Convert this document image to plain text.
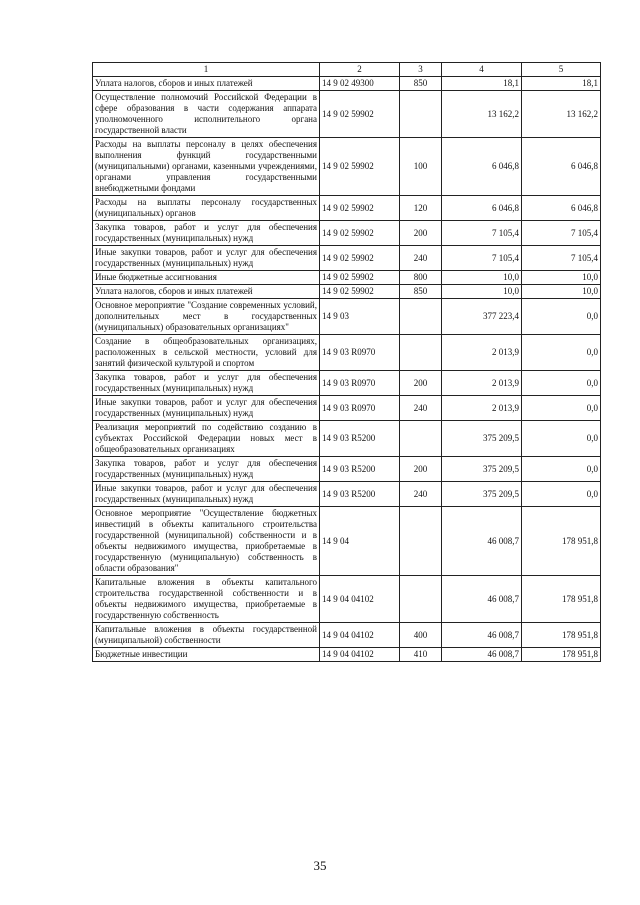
1	2	3	4	5
Уплата налогов, сборов и иных платежей	14 9 02 49300	850	18,1	18,1
Осуществление полномочий Российской Федерации в сфере образования в части содержания аппарата уполномоченного исполнительного органа государственной власти	14 9 02 59902		13 162,2	13 162,2
Расходы на выплаты персоналу в целях обеспечения выполнения функций государственными (муниципальными) органами, казенными учреждениями, органами управления государственными внебюджетными фондами	14 9 02 59902	100	6 046,8	6 046,8
Расходы на выплаты персоналу государственных (муниципальных) органов	14 9 02 59902	120	6 046,8	6 046,8
Закупка товаров, работ и услуг для обеспечения государственных (муниципальных) нужд	14 9 02 59902	200	7 105,4	7 105,4
Иные закупки товаров, работ и услуг для обеспечения государственных (муниципальных) нужд	14 9 02 59902	240	7 105,4	7 105,4
Иные бюджетные ассигнования	14 9 02 59902	800	10,0	10,0
Уплата налогов, сборов и иных платежей	14 9 02 59902	850	10,0	10,0
Основное мероприятие "Создание современных условий, дополнительных мест в государственных (муниципальных) образовательных организациях"	14 9 03		377 223,4	0,0
Создание в общеобразовательных организациях, расположенных в сельской местности, условий для занятий физической культурой и спортом	14 9 03 R0970		2 013,9	0,0
Закупка товаров, работ и услуг для обеспечения государственных (муниципальных) нужд	14 9 03 R0970	200	2 013,9	0,0
Иные закупки товаров, работ и услуг для обеспечения государственных (муниципальных) нужд	14 9 03 R0970	240	2 013,9	0,0
Реализация мероприятий по содействию созданию в субъектах Российской Федерации новых мест в общеобразовательных организациях	14 9 03 R5200		375 209,5	0,0
Закупка товаров, работ и услуг для обеспечения государственных (муниципальных) нужд	14 9 03 R5200	200	375 209,5	0,0
Иные закупки товаров, работ и услуг для обеспечения государственных (муниципальных) нужд	14 9 03 R5200	240	375 209,5	0,0
Основное мероприятие "Осуществление бюджетных инвестиций в объекты капитального строительства государственной (муниципальной) собственности и в объекты недвижимого имущества, приобретаемые в государственную (муниципальную) собственность в области образования"	14 9 04		46 008,7	178 951,8
Капитальные вложения в объекты капитального строительства государственной собственности и в объекты недвижимого имущества, приобретаемые в государственную собственность	14 9 04 04102		46 008,7	178 951,8
Капитальные вложения в объекты государственной (муниципальной) собственности	14 9 04 04102	400	46 008,7	178 951,8
Бюджетные инвестиции	14 9 04 04102	410	46 008,7	178 951,8
35
